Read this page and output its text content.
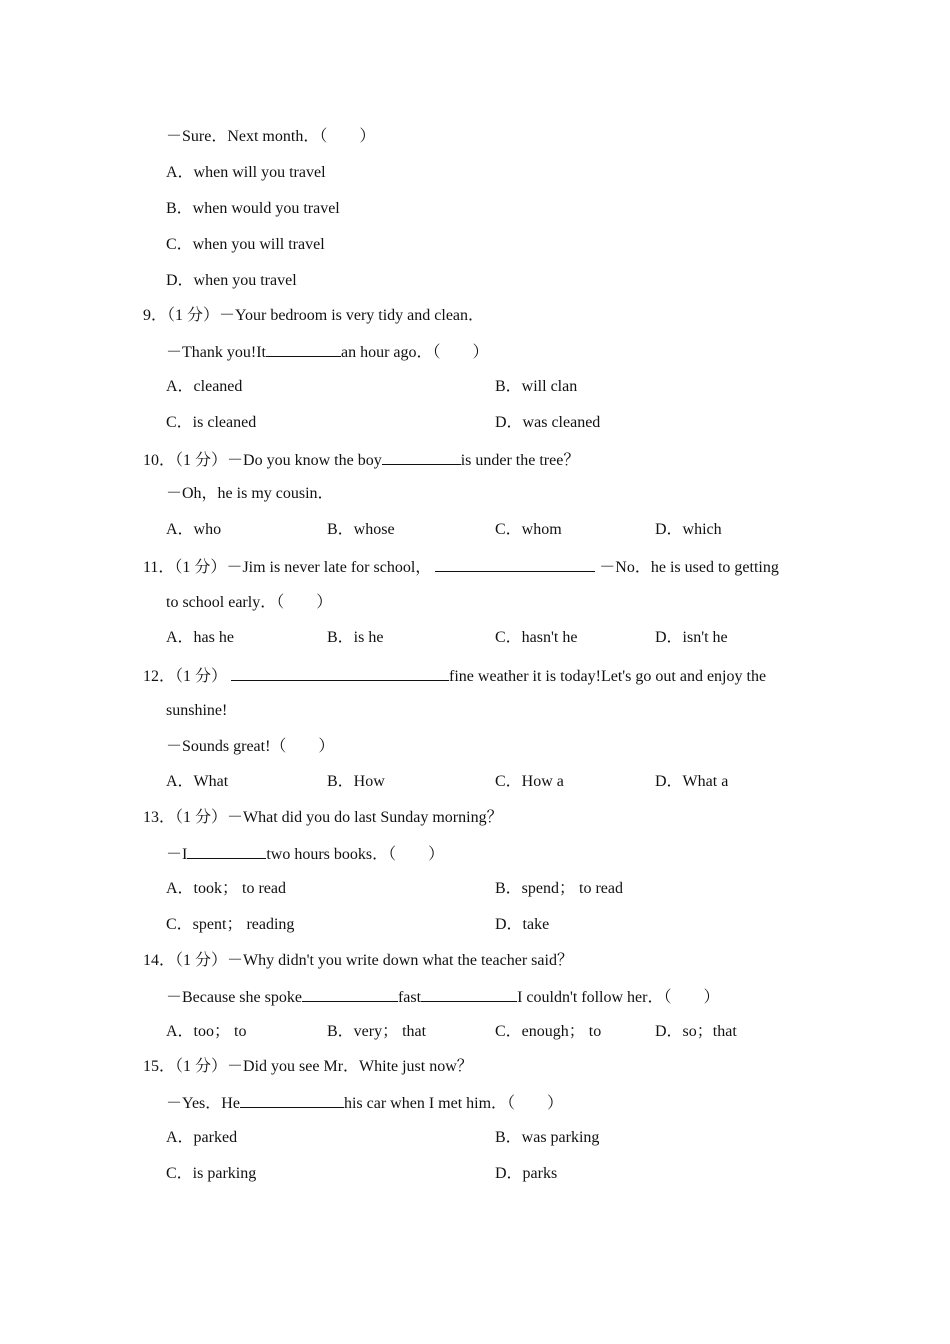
－Sure．Next month．（　　）
A．when will you travel
B．when would you travel
C．when you will travel
D．when you travel
9．（1 分）－Your bedroom is very tidy and clean．
－Thank you!It	an hour ago．（　　）
A．cleaned	B．will clan
C．is cleaned	D．was cleaned
10．（1 分）－Do you know the boy	is under the tree？
－Oh，he is my cousin．
A．who	B．whose	C．whom	D．which
11．（1 分）－Jim is never late for school，	－No．he is used to getting
to school early．（　　）
A．has he	B．is he	C．hasn't he	D．isn't he
12．（1 分）	fine weather it is today!Let's go out and enjoy the
sunshine!
－Sounds great!（　　）
A．What	B．How	C．How a	D．What a
13．（1 分）－What did you do last Sunday morning？
－I	two hours books．（　　）
A．took； to read	B．spend； to read
C．spent； reading	D．take
14．（1 分）－Why didn't you write down what the teacher said？
－Because she spoke	fast	I couldn't follow her．（　　）
A．too； to	B．very； that	C．enough； to	D．so；that
15．（1 分）－Did you see Mr．White just now？
－Yes．He	his car when I met him．（　　）
A．parked	B．was parking
C．is parking	D．parks
